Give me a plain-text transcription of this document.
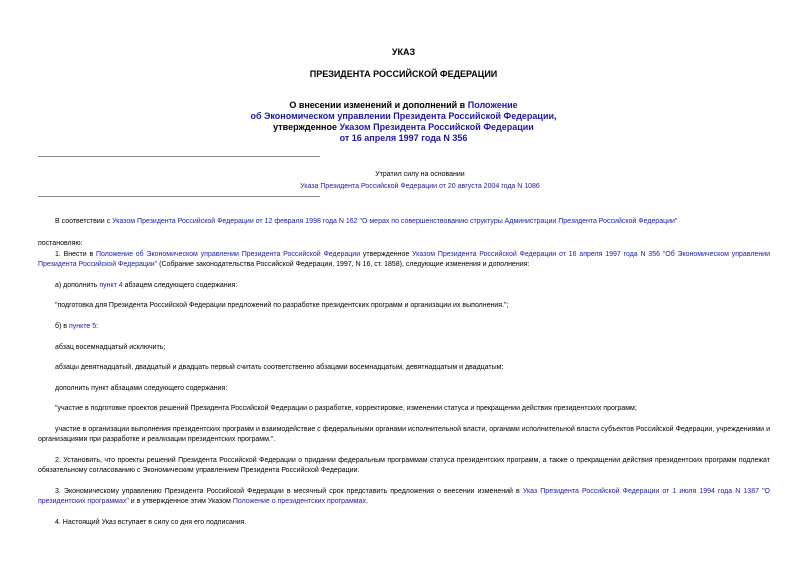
УКАЗ
ПРЕЗИДЕНТА РОССИЙСКОЙ ФЕДЕРАЦИИ
О внесении изменений и дополнений в Положение
об Экономическом управлении Президента Российской Федерации,
утвержденное Указом Президента Российской Федерации
от 16 апреля 1997 года N 356
Утратил силу на основании
Указа Президента Российской Федерации от 20 августа 2004 года N 1086
В соответствии с Указом Президента Российской Федерации от 12 февраля 1998 года N 162 "О мерах по совершенствованию структуры Администрации Президента Российской Федерации"
постановляю:
1. Внести в Положение об Экономическом управлении Президента Российской Федерации утвержденное Указом Президента Российской Федерации от 16 апреля 1997 года N 356 "Об Экономическом управлении Президента Российской Федерации" (Собрание законодательства Российской Федерации, 1997, N 16, ст. 1858), следующие изменения и дополнения:
а) дополнить пункт 4 абзацем следующего содержания:
"подготовка для Президента Российской Федерации предложений по разработке президентских программ и организации их выполнения.";
б) в пункте 5:
абзац восемнадцатый исключить;
абзацы девятнадцатый, двадцатый и двадцать первый считать соответственно абзацами восемнадцатым, девятнадцатым и двадцатым;
дополнить пункт абзацами следующего содержания:
"участие в подготовке проектов решений Президента Российской Федерации о разработке, корректировке, изменении статуса и прекращении действия президентских программ;
участие в организации выполнения президентских программ и взаимодействие с федеральными органами исполнительной власти, органами исполнительной власти субъектов Российской Федерации, учреждениями и организациями при разработке и реализации президентских программ.".
2. Установить, что проекты решений Президента Российской Федерации о придании федеральным программам статуса президентских программ, а также о прекращении действия президентских программ подлежат обязательному согласованию с Экономическим управлением Президента Российской Федерации.
3. Экономическому управлению Президента Российской Федерации в месячный срок представить предложения о внесении изменений в Указ Президента Российской Федерации от 1 июля 1994 года N 1387 "О президентских программах" и в утвержденное этим Указом Положение о президентских программах.
4. Настоящий Указ вступает в силу со дня его подписания.
